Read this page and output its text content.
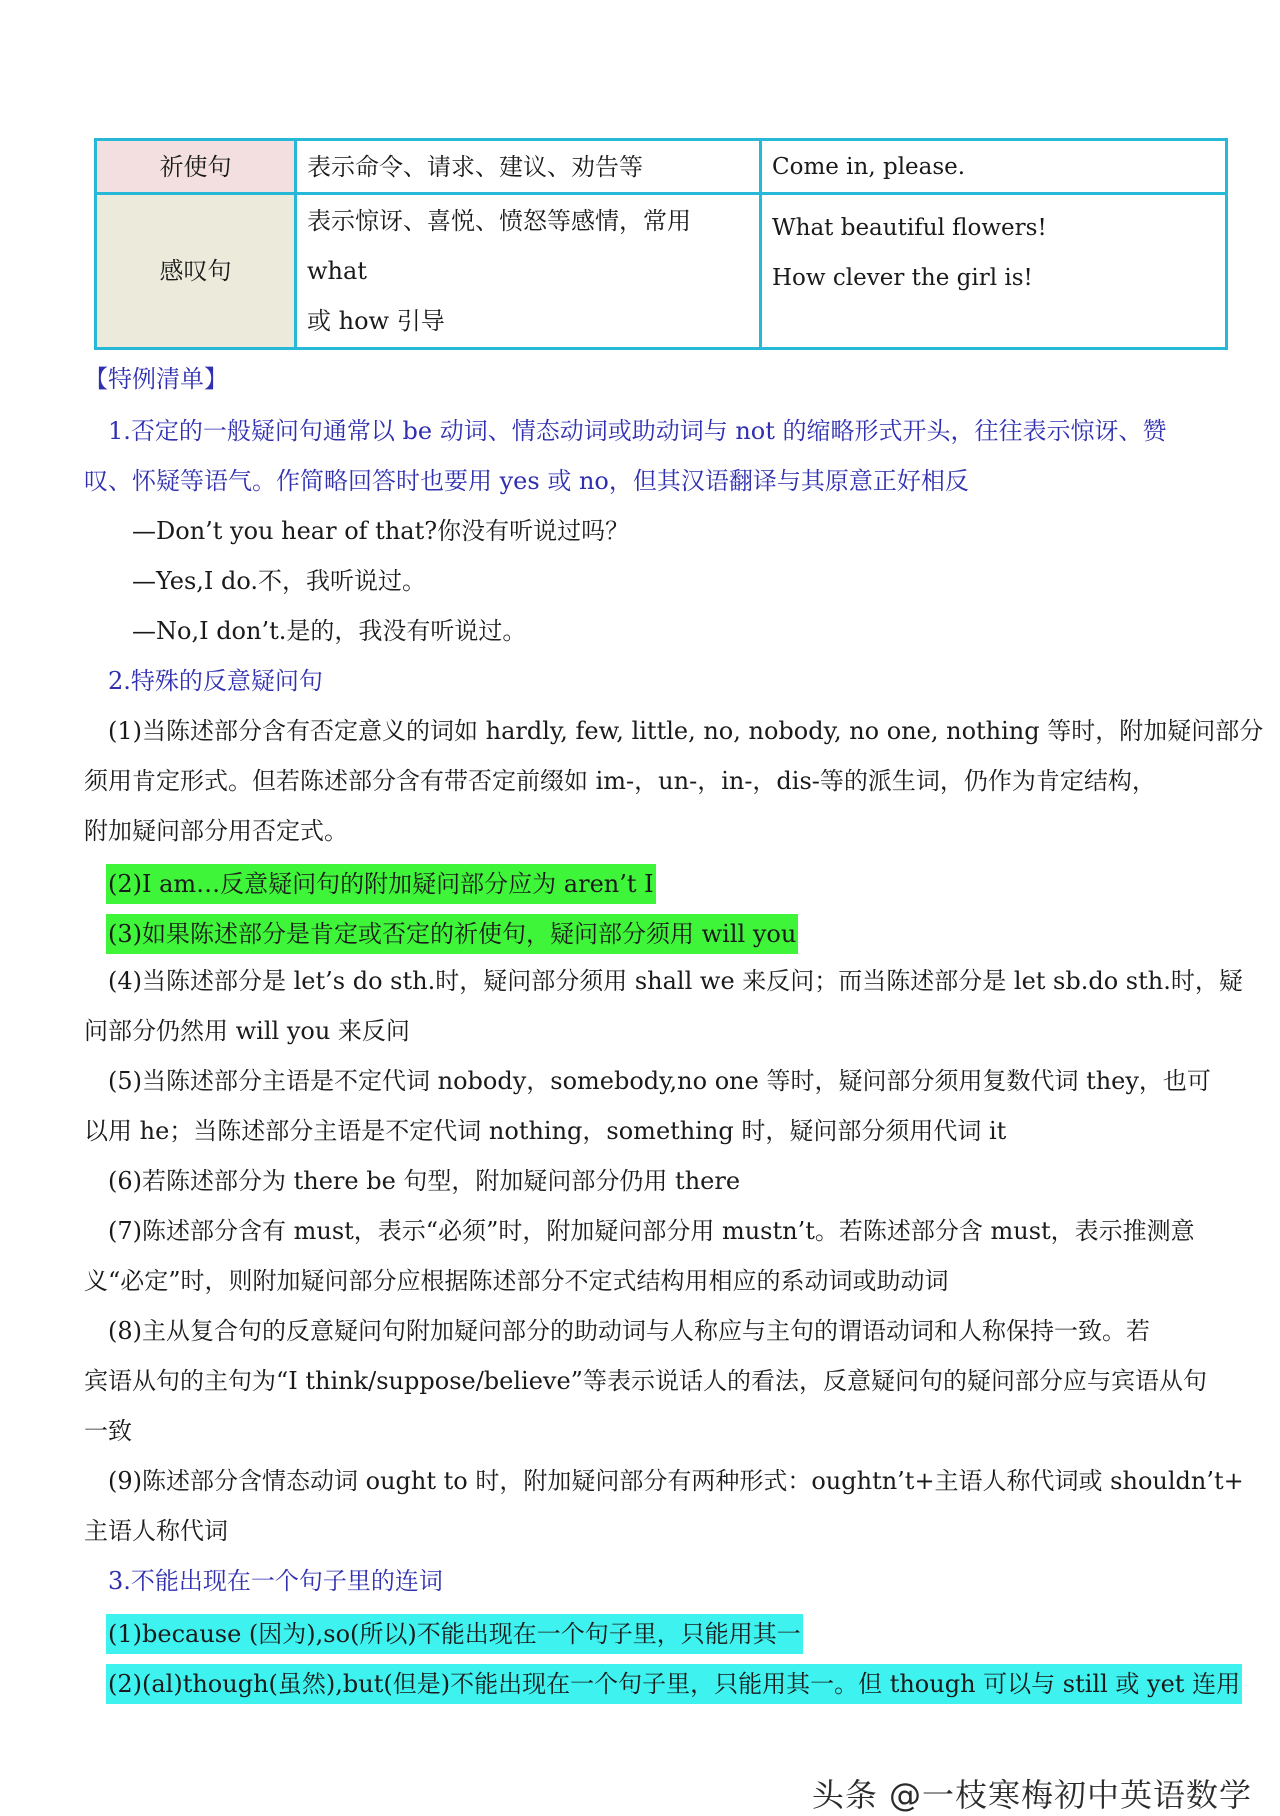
祈使句	表示命令、请求、建议、劝告等	Come in, please.
感叹句
表示惊讶、喜悦、愤怒等感情，常用 what
或 how 引导
What beautiful flowers!
How clever the girl is!
【特例清单】
1.否定的一般疑问句通常以 be 动词、情态动词或助动词与 not 的缩略形式开头，往往表示惊讶、赞
叹、怀疑等语气。作简略回答时也要用 yes 或 no，但其汉语翻译与其原意正好相反
—Don’t you hear of that?你没有听说过吗？
—Yes,I do.不，我听说过。
—No,I don’t.是的，我没有听说过。
2.特殊的反意疑问句
(1)当陈述部分含有否定意义的词如 hardly, few, little, no, nobody, no one, nothing 等时，附加疑问部分
须用肯定形式。但若陈述部分含有带否定前缀如 im-，un-，in-，dis-等的派生词，仍作为肯定结构，
附加疑问部分用否定式。
(2)I am…反意疑问句的附加疑问部分应为 aren’t I
(3)如果陈述部分是肯定或否定的祈使句，疑问部分须用 will you
(4)当陈述部分是 let’s do sth.时，疑问部分须用 shall we 来反问；而当陈述部分是 let sb.do sth.时，疑
问部分仍然用 will you 来反问
(5)当陈述部分主语是不定代词 nobody，somebody,no one 等时，疑问部分须用复数代词 they，也可
以用 he；当陈述部分主语是不定代词 nothing，something 时，疑问部分须用代词 it
(6)若陈述部分为 there be 句型，附加疑问部分仍用 there
(7)陈述部分含有 must，表示“必须”时，附加疑问部分用 mustn’t。若陈述部分含 must，表示推测意
义“必定”时，则附加疑问部分应根据陈述部分不定式结构用相应的系动词或助动词
(8)主从复合句的反意疑问句附加疑问部分的助动词与人称应与主句的谓语动词和人称保持一致。若
宾语从句的主句为“I think/suppose/believe”等表示说话人的看法，反意疑问句的疑问部分应与宾语从句
一致
(9)陈述部分含情态动词 ought to 时，附加疑问部分有两种形式：oughtn’t+主语人称代词或 shouldn’t+
主语人称代词
3.不能出现在一个句子里的连词
(1)because (因为),so(所以)不能出现在一个句子里，只能用其一
(2)(al)though(虽然),but(但是)不能出现在一个句子里，只能用其一。但 though 可以与 still 或 yet 连用
头条 @一枝寒梅初中英语数学
